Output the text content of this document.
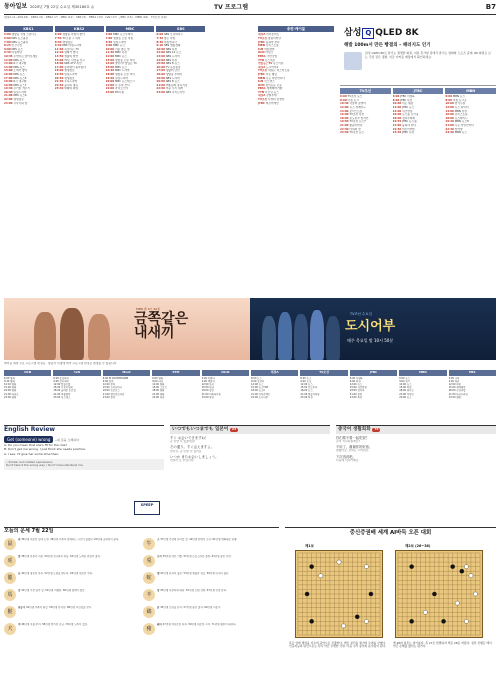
동아일보 2020년 7월 22일 수요일 제30160호 ◎	TV 프로그램	B7
채널A (2~20/119) · KBS1 (9) · KBS2 (7) · MBC (11) · SBS (5) · EBS1 (13) · tvN (17) · JTBC (15) · MBN (16) · TV조선 (19)
KBS1
5:00 생방송 상생 스튜디오
6:00 KBS 뉴스광장
7:00 KBS 뉴스광장
8:25 인간극장
9:00 KBS 뉴스
9:30 아침마당
10:45 무엇이든 물어보세요
12:00 KBS 뉴스
13:00 6시 내고향
14:00 KBS 뉴스
15:00 노래가 좋아
16:00 KBS 뉴스
17:00 KBS 뉴스5
18:00 6시 내고향
19:00 KBS 뉴스7
19:40 우리말 겨루기
20:30 일일드라마
21:00 KBS 뉴스9
22:00 생생정보
23:00 시사기획 창
KBS2
6:00 생방송 아침이 좋다
7:50 TV소설 그 여자
8:30 생생정보
9:40 KBS 아침드라마
11:00 속보이는 TV
12:20 영화가 좋다
13:50 생활의 발견
15:00 TV는 사랑을 싣고
16:00 KBS 2TV 특선
17:00 슈퍼맨이 돌아왔다
18:00 생생정보
19:50 일일드라마
20:30 생생정보
21:30 수목드라마
22:30 불후의 명곡
23:40 대화의 희열
MBC
6:00 MBC 뉴스투데이
7:00 생방송 오늘 아침
8:30 일일드라마
9:00 MBC 뉴스
10:00 기분 좋은 날
11:30 MBC 특선
12:00 MBC 뉴스
13:00 생방송 오늘 저녁
14:00 찾아라! 맛있는 TV
15:00 MBC 뉴스
16:30 MBC 드라마
18:00 생방송 오늘 저녁
19:20 일일드라마
20:00 MBC 뉴스데스크
21:00 나 혼자 산다
22:00 라디오스타
23:00 PD수첩
SBS
6:00 SBS 모닝와이드
7:30 좋은 아침
8:30 아침연속극
9:10 SBS 생활경제
10:00 SBS 특선
12:00 SBS 12 뉴스
13:00 SBS 드라마
14:00 SBS 특선
15:00 SBS 8 뉴스
16:00 TV 동물농장
17:00 생활의 달인
18:00 생방송 투데이
19:00 SBS 드라마
20:00 SBS 8 뉴스
21:00 백종원의 골목식당
22:00 미운 우리 새끼
23:00 SBS 나이트라인
종편·케이블
채널A 아이콘택트
TV조선 뽕숭아학당
JTBC 뭉쳐야 찬다
MBN 보이스트롯
tvN 여름방학
OCN 타임즈
EBS1 극한직업
YTN 뉴스특보
연합뉴스TV 뉴스리뷰
채널A 도시어부2
TV조선 내일은 미스터트롯
JTBC 아는 형님
MBN 나는 자연인이다
tvN 식스센스
OCN 경이로운 소문
EBS1 세계테마기행
YTN 이브닝 뉴스
채널A 강철부대
TV조선 사랑의 콜센타
JTBC 비긴어게인
삼성 Q QLED 8K
해발 100m서 만든 빵결의 – 패러지도 인기
삼성 QLED 8K로 즐기는 생생한 화질. 여름 휴가철 집에서 즐기는 영화와 스포츠 중계, 8K 화질로 보는 극장 같은 경험. 지금 가까운 매장에서 확인하세요.
TV조선
6:00 TV조선 뉴스
8:00 아침 토크
10:30 사랑의 콜센타
12:00 뉴스 퍼레이드
14:00 보이스트롯
16:00 TV조선 특선
18:00 보도본부 핫라인
19:50 TV조선 뉴스7
21:00 뽕숭아학당
22:30 아내의 맛
23:50 TV조선 뉴스
JTBC
6:00 JTBC 아침&
8:00 JTBC 특선
10:00 아는 형님
12:00 JTBC 뉴스
14:00 사건반장
16:00 뉴스룸 브리핑
18:00 정치부회의
19:55 JTBC 뉴스룸
21:00 뭉쳐야 찬다
22:30 비긴어게인
23:40 JTBC 특선
MBN
6:00 MBN 뉴스
8:00 아침 토크쇼
10:00 천기누설
12:00 뉴스 파이터
14:00 MBN 특선
16:00 보이스트롯
18:00 뉴스와이드
19:40 MBN 뉴스8
21:00 나는 자연인이다
22:30 알약방
23:30 MBN 뉴스
MBN 밤 9시 40분
금쪽같은
내새끼
TV조선 수요일
도시어부
매주 목요일 밤 10시 50분
케이블 채널 주요 프로그램 편성표 · 방송사 사정에 따라 프로그램 편성은 변경될 수 있습니다
OCN
6:00 영화
9:30 영화
12:10 영화
15:00 영화
18:00 영화
21:00 타임즈
23:00 영화
tvN
6:00 응답하라
9:00 삼시세끼
12:00 알쓸신잡
15:00 수요미식회
18:00 놀라운 토요일
21:00 여름방학
23:00 식스센스
Mnet
6:00 M COUNTDOWN
9:00 음악
12:00 뮤직
15:00 쇼미더머니
18:00 프로듀스
21:00 엠카운트다운
23:00 뮤직
XTM
6:00 영화
9:00 다큐
12:00 영화
15:00 스포츠
18:00 영화
21:00 영화
23:00 다큐
OtvN
6:00 어쩌다
9:00 책읽어
12:00 요리
15:00 다큐
18:00 강연
21:00 어쩌다어른
23:00 특선
채널A
6:00 뉴스
9:00 김진의
12:00 뉴스
15:00 뉴스TOP
18:00 뉴스A
21:00 아이콘택트
23:00 도시어부
TV조선
6:00 뉴스
9:00 모닝
12:00 뉴스
15:00 보도본부
18:00 뉴스
21:00 뽕숭아학당
23:00 특선
JTBC
6:00 아침&
9:00 특선
12:00 뉴스
15:00 사건반장
18:00 정치부
21:00 뭉찬
23:00 특선
MBN
6:00 뉴스
9:00 천기
12:00 뉴스
15:00 특선
18:00 와이드
21:00 자연인
23:00 뉴스
EBS
6:00 교육
9:00 다큐
12:00 과학
15:00 세계테마
18:00 극한직업
21:00 다큐프라임
23:00 영화
English Review
Get (someone) wrong ~의 뜻을 오해하다
A: Do you mean that she's fit for the role?
B: Don't get me wrong. I just think she needs practice.
A: I see. I'll give her some time then.
• Similar and related expressions
Don't take it the wrong way. / Don't misunderstand me.
SPEEP
いつでもいつまでも 일본어 24
すぐ お会いできますね！
곧 만날 수 있겠네요!
その通り。すぐ会えますよ。
맞아요. 곧 만날 수 있어요.
いつか またお会いしましょう。
언젠가 또 만납시다.
중국어 생활회화 76
你们要不要一起吃饭？
같이 식사하실래요?
不用了，谢谢你的好意。
괜찮아요, 호의는 고마워요.
下次再说吧。
다음에 이야기해요.
오늘의 운세 7월 22일
鼠
쥐 36년생 새로운 일에 도전. 48년생 가족과 함께하는 시간이 즐겁다. 60년생 금전운이 좋다.
牛
소 37년생 건강에 유의할 것. 49년생 뜻밖의 소식. 61년생 계획대로 진행.
虎
범 38년생 마음의 여유. 50년생 친구와의 만남. 62년생 노력한 만큼의 결과.
兎
토끼 39년생 작은 기쁨. 51년생 조심스러운 결정. 63년생 좋은 인연.
龍
용 40년생 평온한 하루. 52년생 도움을 받는다. 64년생 새로운 기회.
蛇
뱀 41년생 휴식이 필요. 53년생 재물운 상승. 65년생 인내가 필요.
馬
말 42년생 기분 좋은 일. 54년생 여행운. 66년생 협력이 중요.
羊
양 43년생 차분하게 대처. 55년생 소원 성취. 67년생 건강 관리.
猴
원숭이 44년생 가족의 화합. 56년생 문서운. 68년생 자신감을 갖자.
鷄
닭 45년생 조언을 듣자. 57년생 좋은 결과. 69년생 이동수.
犬
개 46년생 지출 주의. 58년생 반가운 손님. 70년생 노력이 결실.
豬
돼지 47년생 여유로운 하루. 59년생 새로운 시작. 71년생 행운이 따른다.
중신증권배 세계 AI바둑 오픈 대회
제1보	제2보 (26~36)
흑은 상변 세력을 키우며 중앙으로 진출한다. 백은 실리를 챙기며 우변을 굳혔다. 인공지능의 판단으로는 흑이 약간 우세한 국면. 다음 수가 승부의 분수령이 된다.
백 26의 침투는 날카롭다. 흑 27로 반발하자 백은 28로 버텼다. 실전 진행은 백이 약간 손해를 봤다는 평가다.
